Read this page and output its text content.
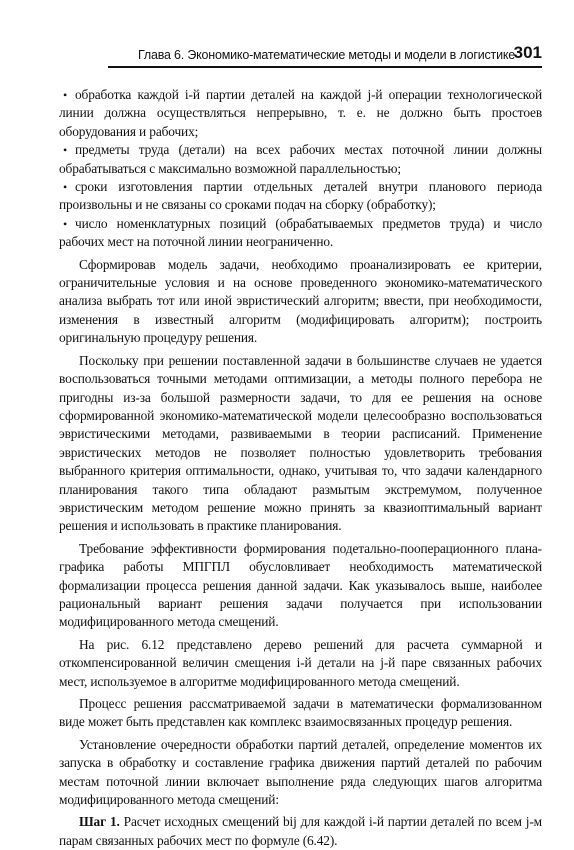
Глава 6. Экономико-математические методы и модели в логистике
301

• обработка каждой i-й партии деталей на каждой j-й операции технологической линии должна осуществляться непрерывно, т. е. не должно быть простоев оборудования и рабочих;

• предметы труда (детали) на всех рабочих местах поточной линии должны обрабатываться с максимально возможной параллельностью;

• сроки изготовления партии отдельных деталей внутри планового периода произвольны и не связаны со сроками подач на сборку (обработку);

• число номенклатурных позиций (обрабатываемых предметов труда) и число рабочих мест на поточной линии неограниченно.

Сформировав модель задачи, необходимо проанализировать ее критерии, ограничительные условия и на основе проведенного экономико-математического анализа выбрать тот или иной эвристический алгоритм; ввести, при необходимости, изменения в известный алгоритм (модифицировать алгоритм); построить оригинальную процедуру решения.

Поскольку при решении поставленной задачи в большинстве случаев не удается воспользоваться точными методами оптимизации, а методы полного перебора не пригодны из-за большой размерности задачи, то для ее решения на основе сформированной экономико-математической модели целесообразно воспользоваться эвристическими методами, развиваемыми в теории расписаний. Применение эвристических методов не позволяет полностью удовлетворить требования выбранного критерия оптимальности, однако, учитывая то, что задачи календарного планирования такого типа обладают размытым экстремумом, полученное эвристическим методом решение можно принять за квазиоптимальный вариант решения и использовать в практике планирования.

Требование эффективности формирования подетально-пооперационного плана-графика работы МПГПЛ обусловливает необходимость математической формализации процесса решения данной задачи. Как указывалось выше, наиболее рациональный вариант решения задачи получается при использовании модифицированного метода смещений.

На рис. 6.12 представлено дерево решений для расчета суммарной и откомпенсированной величин смещения i-й детали на j-й паре связанных рабочих мест, используемое в алгоритме модифицированного метода смещений.

Процесс решения рассматриваемой задачи в математически формализованном виде может быть представлен как комплекс взаимосвязанных процедур решения.

Установление очередности обработки партий деталей, определение моментов их запуска в обработку и составление графика движения партий деталей по рабочим местам поточной линии включает выполнение ряда следующих шагов алгоритма модифицированного метода смещений:

Шаг 1. Расчет исходных смещений bij для каждой i-й партии деталей по всем j-м парам связанных рабочих мест по формуле (6.42).
